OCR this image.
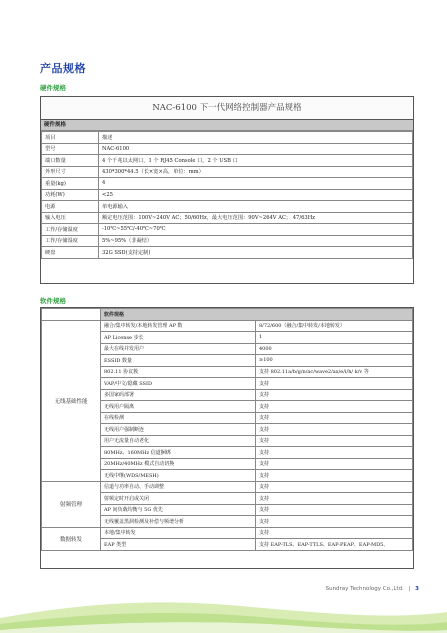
产品规格
硬件规格
NAC-6100 下一代网络控制器产品规格
硬件规格
项目	描述
型号	NAC-6100
端口数量	4 个千兆以太网口，1 个 RJ45 Console 口，2 个 USB 口
外形尺寸	430*300*44.5（长×宽×高，单位：mm）
重量(kg)	4
功耗(W)	<25
电源	单电源输入
输入电压	额定电压范围：100V~240V AC；50/60Hz，最大电压范围：90V~264V AC； 47/63Hz
工作/存储温度	-10℃~55℃/-40℃~70℃
工作/存储湿度	5%~95%（非凝结）
硬盘	32G SSD(支持定制)
软件规格
	软件规格	
无线基础性能	融合/集中转发/本地转发管理 AP 数	8/72/600（融合/集中转发/本地转发）
	AP License 步长	1
	最大在线并发用户	4000
	ESSID 数量	≥100
	802.11 协议簇	支持 802.11a/b/g/n/ac/wave2/ax/e/i/h/ k/v 等
	VAP/中文/隐藏 SSID	支持
	多国家码部署	支持
	无线用户隔离	支持
	在线检测	支持
	无线用户强制断连	支持
	用户无流量自动老化	支持
	80MHz、160MHz 信道捆绑	支持
	20MHz/40MHz 模式自动切换	支持
	无线中继(WDS/MESH)	支持
射频管理	信道与功率自动、手动调整	支持
	射频定时开启或关闭	支持
	AP 间负载均衡与 5G 优先	支持
	无线覆盖黑洞检测及补偿与频谱分析	支持
数据转发	本地/集中转发	支持
	EAP 类型	支持 EAP-TLS、EAP-TTLS、EAP-PEAP、EAP-MD5、
Sundray Technology Co.,Ltd. | 3
